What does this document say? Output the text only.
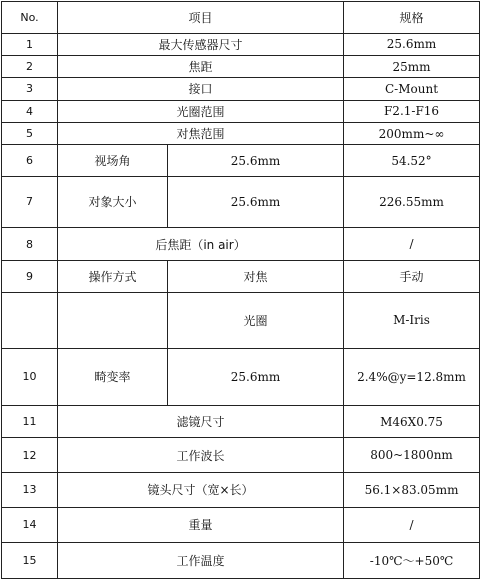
No.	项目		规格
1	最大传感器尺寸		25.6mm
2	焦距		25mm
3	接口		C-Mount
4	光圈范围		F2.1-F16
5	对焦范围		200mm~∞
6	视场角	25.6mm	54.52°
7	对象大小	25.6mm	226.55mm
8	后焦距（in air）		/
9	操作方式	对焦	手动
		光圈	M-Iris
10	畸变率	25.6mm	2.4%@y=12.8mm
11	滤镜尺寸		M46X0.75
12	工作波长		800~1800nm
13	镜头尺寸（宽×长）		56.1×83.05mm
14	重量		/
15	工作温度		-10℃～+50℃
